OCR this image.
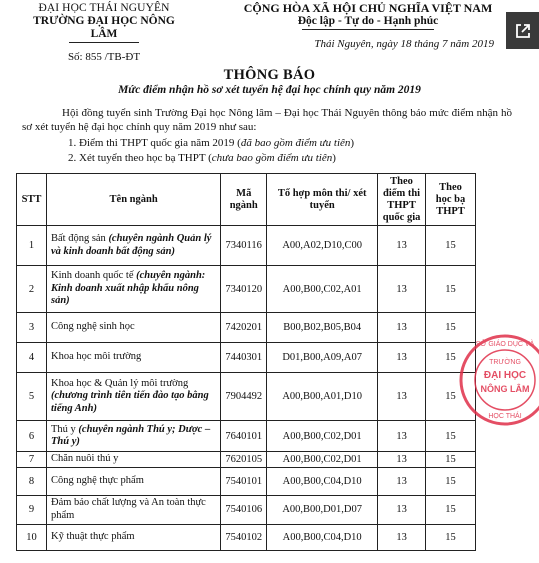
ĐẠI HỌC THÁI NGUYÊN
TRƯỜNG ĐẠI HỌC NÔNG LÂM
Số: 855 /TB-ĐT
CỘNG HÒA XÃ HỘI CHỦ NGHĨA VIỆT NAM
Độc lập - Tự do - Hạnh phúc
Thái Nguyên, ngày 18 tháng 7 năm 2019
THÔNG BÁO
Mức điểm nhận hồ sơ xét tuyển hệ đại học chính quy năm 2019
Hội đồng tuyển sinh Trường Đại học Nông lâm – Đại học Thái Nguyên thông báo mức điểm nhận hồ sơ xét tuyển hệ đại học chính quy năm 2019 như sau:
1. Điểm thi THPT quốc gia năm 2019 (đã bao gồm điểm ưu tiên)
2. Xét tuyển theo học bạ THPT (chưa bao gồm điểm ưu tiên)
STT	Tên ngành	Mã ngành	Tổ hợp môn thi/ xét tuyển	Theo điểm thi THPT quốc gia	Theo học bạ THPT
1	Bất động sản (chuyên ngành Quản lý và kinh doanh bất động sản)	7340116	A00,A02,D10,C00	13	15
2	Kinh doanh quốc tế (chuyên ngành: Kinh doanh xuất nhập khẩu nông sản)	7340120	A00,B00,C02,A01	13	15
3	Công nghệ sinh học	7420201	B00,B02,B05,B04	13	15
4	Khoa học môi trường	7440301	D01,B00,A09,A07	13	15
5	Khoa học & Quản lý môi trường (chương trình tiên tiến đào tạo bằng tiếng Anh)	7904492	A00,B00,A01,D10	13	15
6	Thú y (chuyên ngành Thú y; Dược – Thú y)	7640101	A00,B00,C02,D01	13	15
7	Chăn nuôi thú y	7620105	A00,B00,C02,D01	13	15
8	Công nghệ thực phẩm	7540101	A00,B00,C04,D10	13	15
9	Đảm bảo chất lượng và An toàn thực phẩm	7540106	A00,B00,D01,D07	13	15
10	Kỹ thuật thực phẩm	7540102	A00,B00,C04,D10	13	15
SỞ GIÁO DỤC VÀ
TRƯỜNG
ĐẠI HỌC
NÔNG LÂM
HỌC THÁI
